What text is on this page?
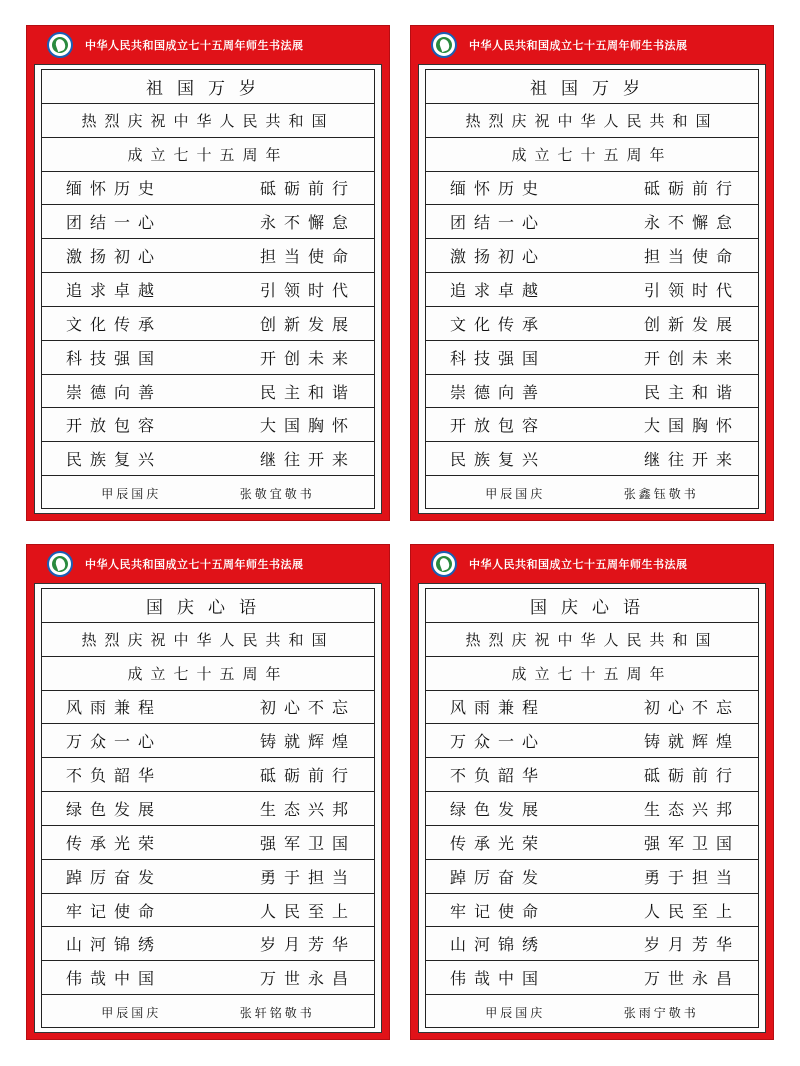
中华人民共和国成立七十五周年师生书法展
祖国万岁
热烈庆祝中华人民共和国
成立七十五周年
缅怀历史	砥砺前行
团结一心	永不懈怠
激扬初心	担当使命
追求卓越	引领时代
文化传承	创新发展
科技强国	开创未来
崇德向善	民主和谐
开放包容	大国胸怀
民族复兴	继往开来
甲辰国庆	张敬宜敬书
中华人民共和国成立七十五周年师生书法展
祖国万岁
热烈庆祝中华人民共和国
成立七十五周年
缅怀历史	砥砺前行
团结一心	永不懈怠
激扬初心	担当使命
追求卓越	引领时代
文化传承	创新发展
科技强国	开创未来
崇德向善	民主和谐
开放包容	大国胸怀
民族复兴	继往开来
甲辰国庆	张鑫钰敬书
中华人民共和国成立七十五周年师生书法展
国庆心语
热烈庆祝中华人民共和国
成立七十五周年
风雨兼程	初心不忘
万众一心	铸就辉煌
不负韶华	砥砺前行
绿色发展	生态兴邦
传承光荣	强军卫国
踔厉奋发	勇于担当
牢记使命	人民至上
山河锦绣	岁月芳华
伟哉中国	万世永昌
甲辰国庆	张轩铭敬书
中华人民共和国成立七十五周年师生书法展
国庆心语
热烈庆祝中华人民共和国
成立七十五周年
风雨兼程	初心不忘
万众一心	铸就辉煌
不负韶华	砥砺前行
绿色发展	生态兴邦
传承光荣	强军卫国
踔厉奋发	勇于担当
牢记使命	人民至上
山河锦绣	岁月芳华
伟哉中国	万世永昌
甲辰国庆	张雨宁敬书
